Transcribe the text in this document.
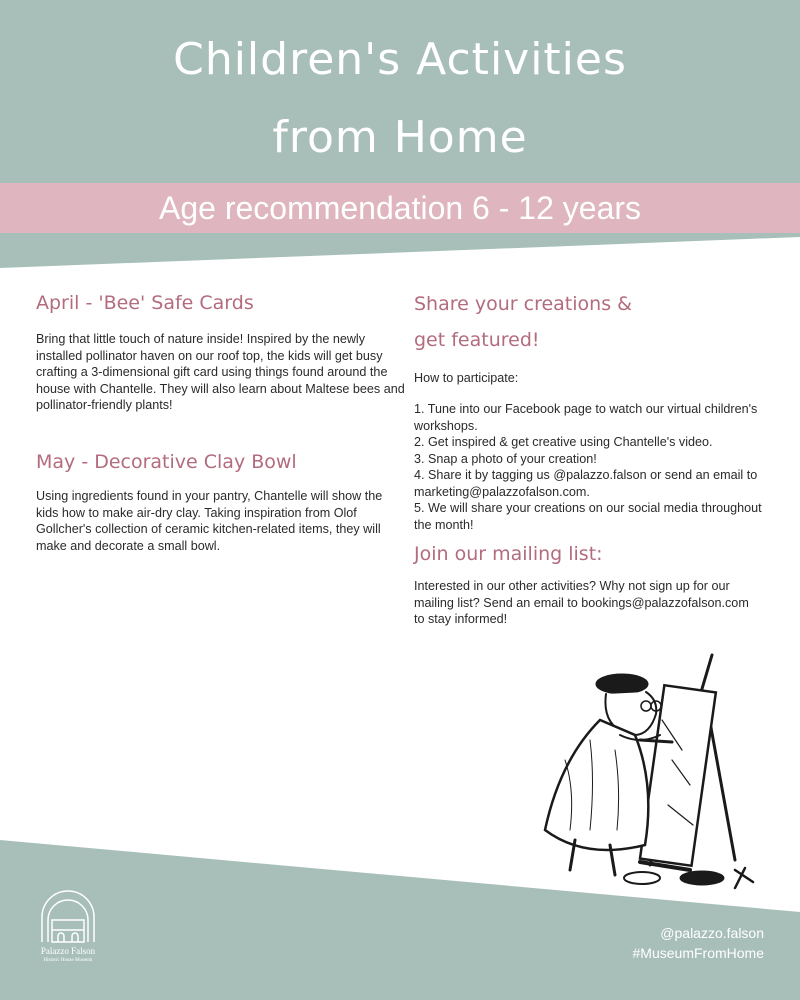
Children's Activities
from Home
Age recommendation 6 - 12 years
April - 'Bee' Safe Cards
Bring that little touch of nature inside! Inspired by the newly installed pollinator haven on our roof top, the kids will get busy crafting a 3-dimensional gift card using things found around the house with Chantelle. They will also learn about Maltese bees and pollinator-friendly plants!
May - Decorative Clay Bowl
Using ingredients found in your pantry, Chantelle will show the kids how to make air-dry clay. Taking inspiration from Olof Gollcher's collection of ceramic kitchen-related items, they will make and decorate a small bowl.
Share your creations &
get featured!
How to participate:

1. Tune into our Facebook page to watch our virtual children's workshops.

2. Get inspired & get creative using Chantelle's video.

3. Snap a photo of your creation!

4. Share it by tagging us @palazzo.falson or send an email to marketing@palazzofalson.com.

5. We will share your creations on our social media throughout the month!

Join our mailing list:
Interested in our other activities? Why not sign up for our mailing list? Send an email to bookings@palazzofalson.com to stay informed!
Palazzo Falson
Historic House Museum
@palazzo.falson
#MuseumFromHome
